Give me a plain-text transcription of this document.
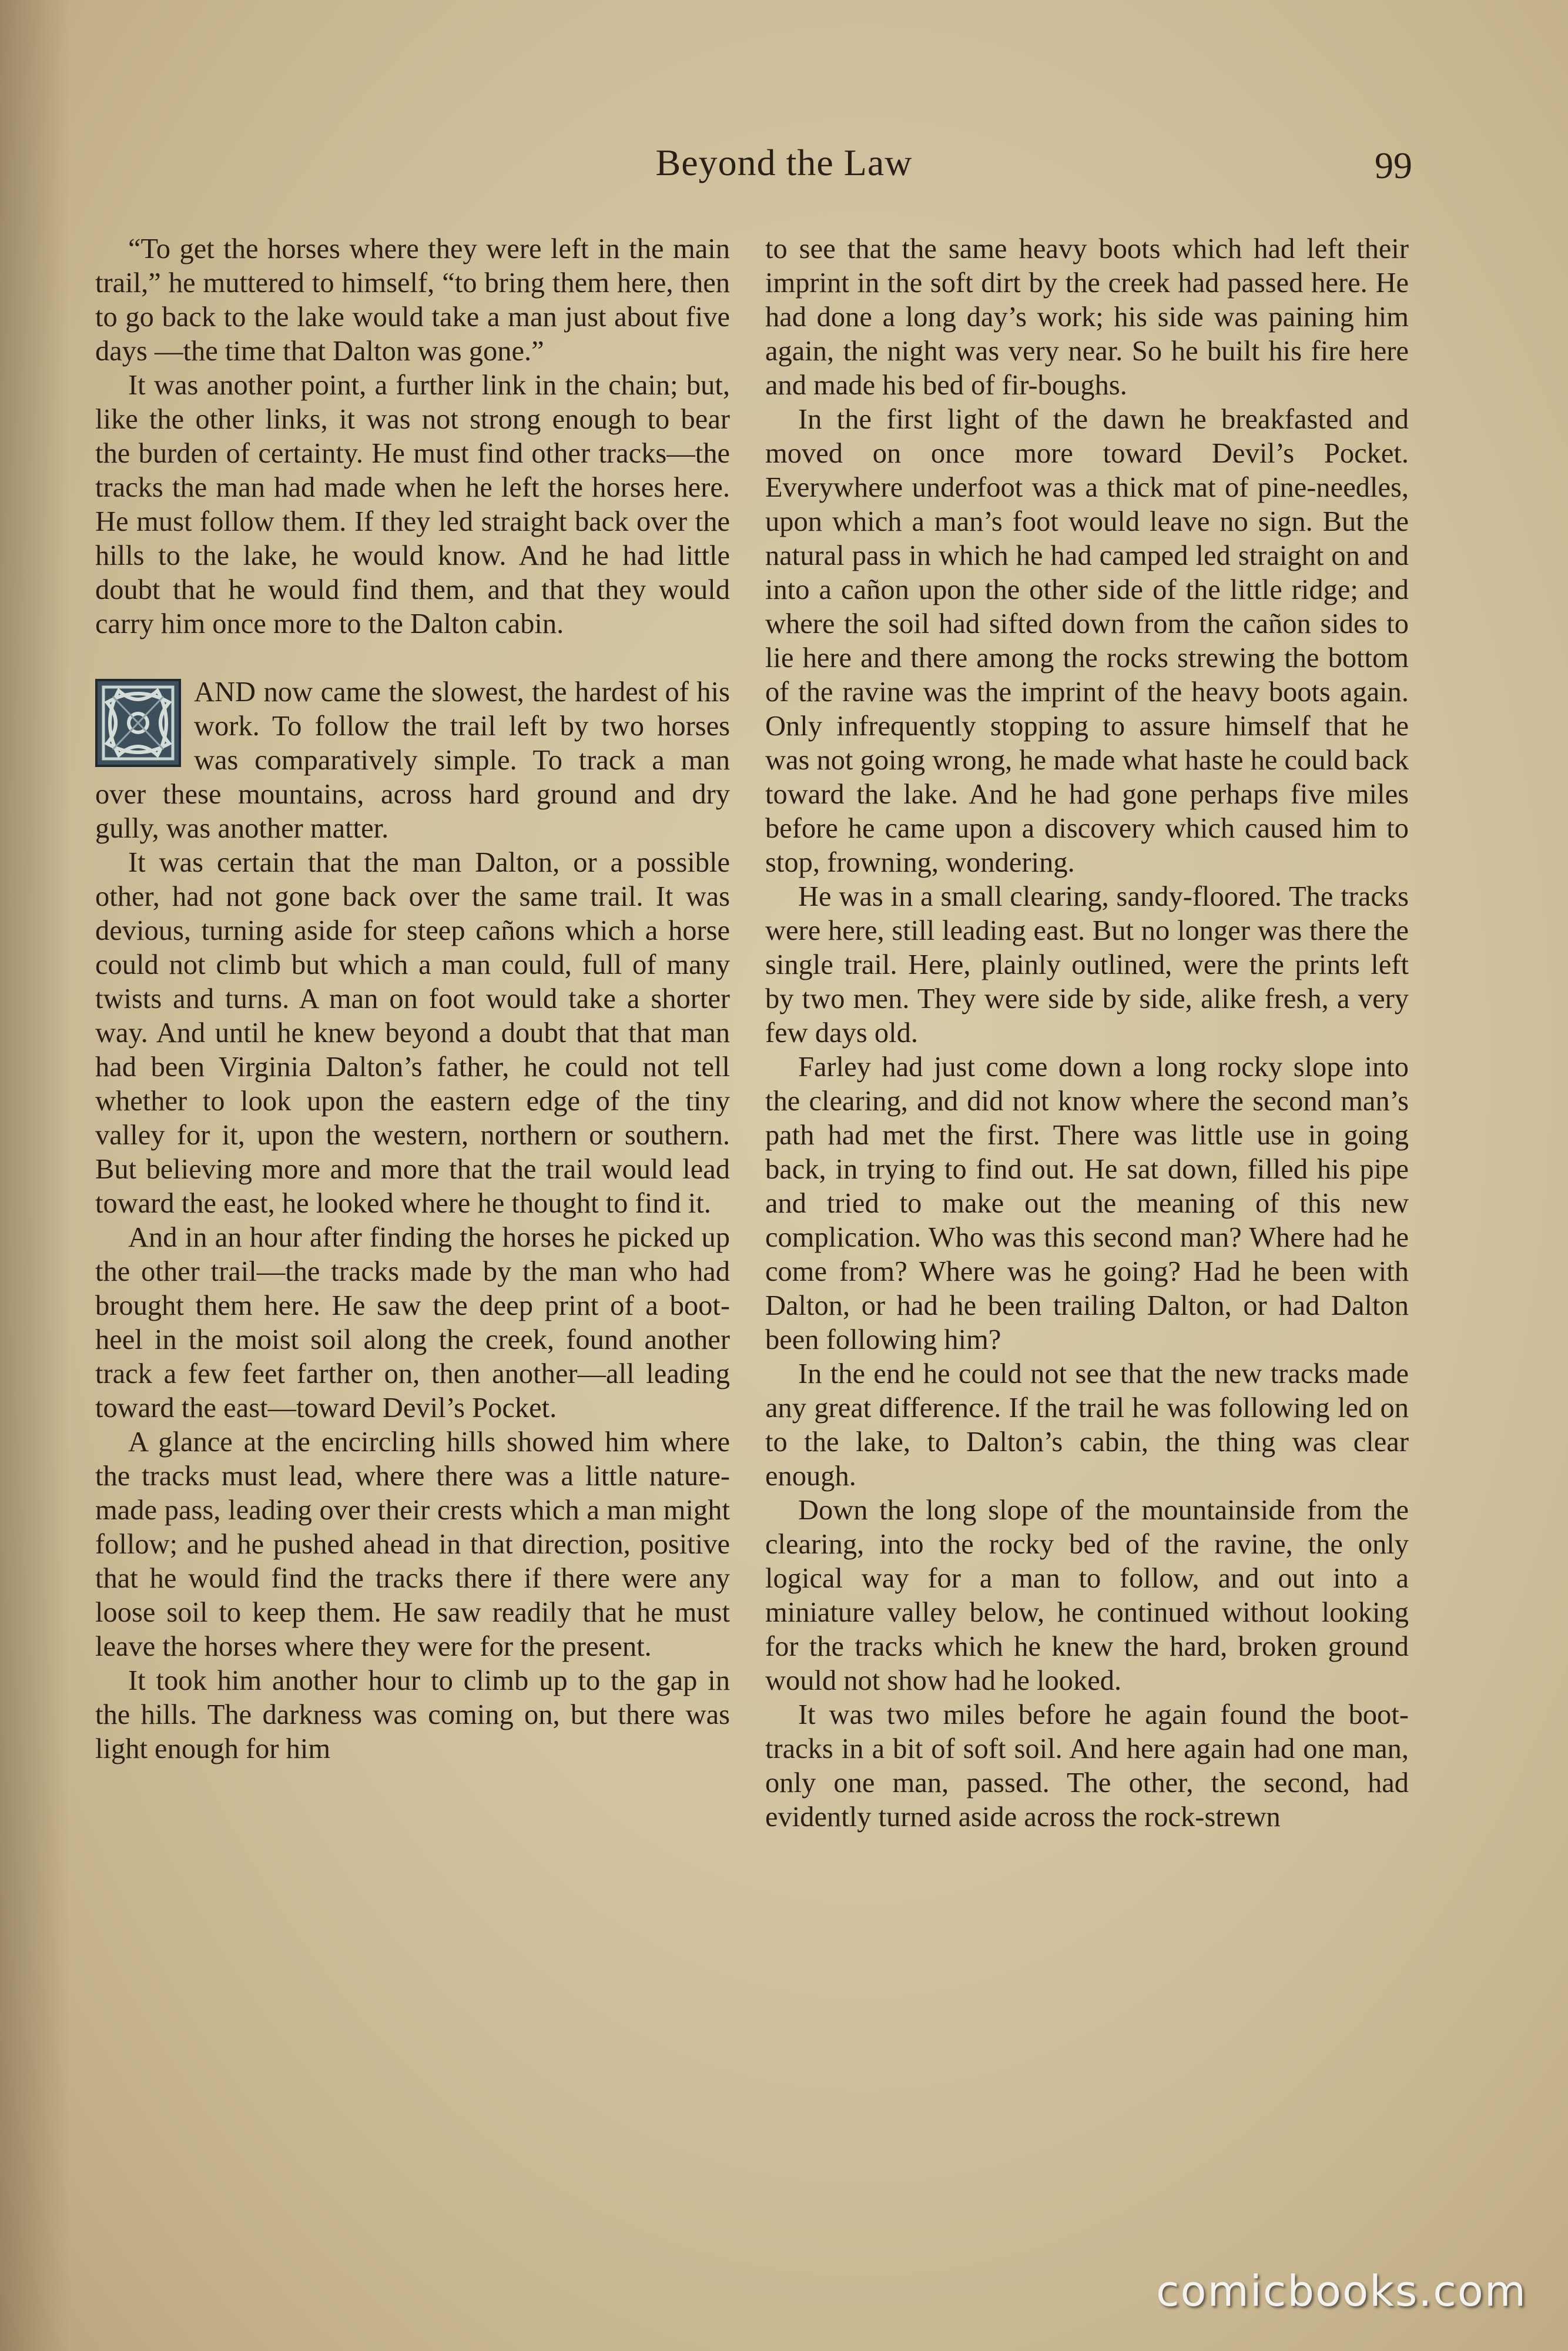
Beyond the Law	99

“To get the horses where they were left in the main trail,” he muttered to himself, “to bring them here, then to go back to the lake would take a man just about five days —the time that Dalton was gone.”

It was another point, a further link in the chain; but, like the other links, it was not strong enough to bear the burden of certainty. He must find other tracks—the tracks the man had made when he left the horses here. He must follow them. If they led straight back over the hills to the lake, he would know. And he had little doubt that he would find them, and that they would carry him once more to the Dalton cabin.

AND now came the slowest, the hardest of his work. To follow the trail left by two horses was comparatively simple. To track a man over these mountains, across hard ground and dry gully, was another matter.

It was certain that the man Dalton, or a possible other, had not gone back over the same trail. It was devious, turning aside for steep cañons which a horse could not climb but which a man could, full of many twists and turns. A man on foot would take a shorter way. And until he knew beyond a doubt that that man had been Virginia Dalton’s father, he could not tell whether to look upon the eastern edge of the tiny valley for it, upon the western, northern or southern. But believing more and more that the trail would lead toward the east, he looked where he thought to find it.

And in an hour after finding the horses he picked up the other trail—the tracks made by the man who had brought them here. He saw the deep print of a boot-heel in the moist soil along the creek, found another track a few feet farther on, then another—all leading toward the east—toward Devil’s Pocket.

A glance at the encircling hills showed him where the tracks must lead, where there was a little nature-made pass, leading over their crests which a man might follow; and he pushed ahead in that direction, positive that he would find the tracks there if there were any loose soil to keep them. He saw readily that he must leave the horses where they were for the present.

It took him another hour to climb up to the gap in the hills. The darkness was coming on, but there was light enough for him

to see that the same heavy boots which had left their imprint in the soft dirt by the creek had passed here. He had done a long day’s work; his side was paining him again, the night was very near. So he built his fire here and made his bed of fir-boughs.

In the first light of the dawn he breakfasted and moved on once more toward Devil’s Pocket. Everywhere underfoot was a thick mat of pine-needles, upon which a man’s foot would leave no sign. But the natural pass in which he had camped led straight on and into a cañon upon the other side of the little ridge; and where the soil had sifted down from the cañon sides to lie here and there among the rocks strewing the bottom of the ravine was the imprint of the heavy boots again. Only infrequently stopping to assure himself that he was not going wrong, he made what haste he could back toward the lake. And he had gone perhaps five miles before he came upon a discovery which caused him to stop, frowning, wondering.

He was in a small clearing, sandy-floored. The tracks were here, still leading east. But no longer was there the single trail. Here, plainly outlined, were the prints left by two men. They were side by side, alike fresh, a very few days old.

Farley had just come down a long rocky slope into the clearing, and did not know where the second man’s path had met the first. There was little use in going back, in trying to find out. He sat down, filled his pipe and tried to make out the meaning of this new complication. Who was this second man? Where had he come from? Where was he going? Had he been with Dalton, or had he been trailing Dalton, or had Dalton been following him?

In the end he could not see that the new tracks made any great difference. If the trail he was following led on to the lake, to Dalton’s cabin, the thing was clear enough.

Down the long slope of the mountainside from the clearing, into the rocky bed of the ravine, the only logical way for a man to follow, and out into a miniature valley below, he continued without looking for the tracks which he knew the hard, broken ground would not show had he looked.

It was two miles before he again found the boot-tracks in a bit of soft soil. And here again had one man, only one man, passed. The other, the second, had evidently turned aside across the rock-strewn

comicbooks.com
